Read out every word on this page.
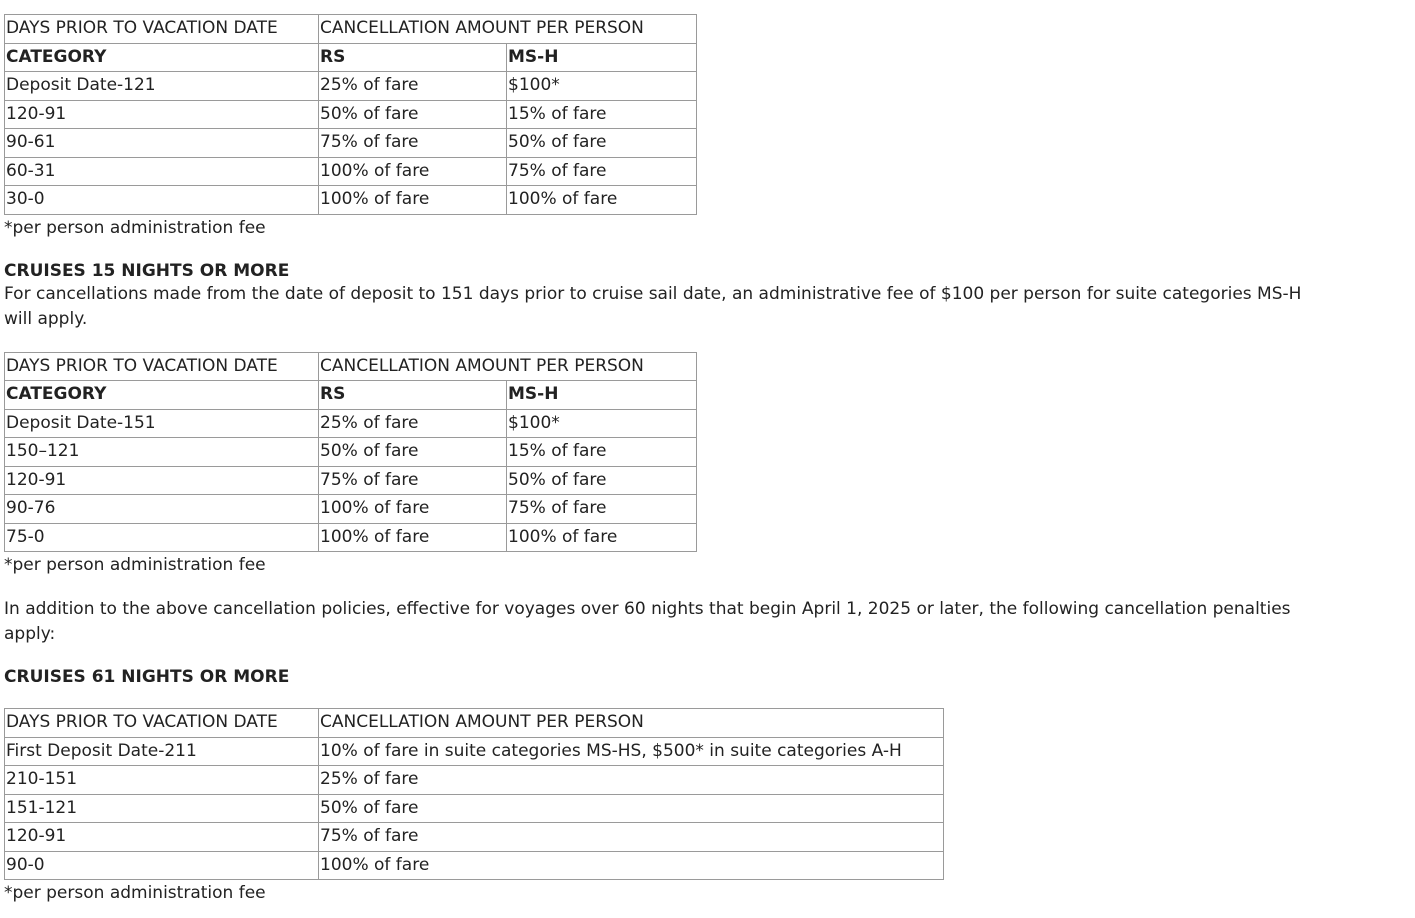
DAYS PRIOR TO VACATION DATE	CANCELLATION AMOUNT PER PERSON	
CATEGORY	RS	MS-H
Deposit Date-121	25% of fare	$100*
120-91	50% of fare	15% of fare
90-61	75% of fare	50% of fare
60-31	100% of fare	75% of fare
30-0	100% of fare	100% of fare
*per person administration fee
CRUISES 15 NIGHTS OR MORE
For cancellations made from the date of deposit to 151 days prior to cruise sail date, an administrative fee of $100 per person for suite categories MS-H will apply.
DAYS PRIOR TO VACATION DATE	CANCELLATION AMOUNT PER PERSON	
CATEGORY	RS	MS-H
Deposit Date-151	25% of fare	$100*
150–121	50% of fare	15% of fare
120-91	75% of fare	50% of fare
90-76	100% of fare	75% of fare
75-0	100% of fare	100% of fare
*per person administration fee
In addition to the above cancellation policies, effective for voyages over 60 nights that begin April 1, 2025 or later, the following cancellation penalties apply:
CRUISES 61 NIGHTS OR MORE
DAYS PRIOR TO VACATION DATE	CANCELLATION AMOUNT PER PERSON
First Deposit Date-211	10% of fare in suite categories MS-HS, $500* in suite categories A-H
210-151	25% of fare
151-121	50% of fare
120-91	75% of fare
90-0	100% of fare
*per person administration fee
